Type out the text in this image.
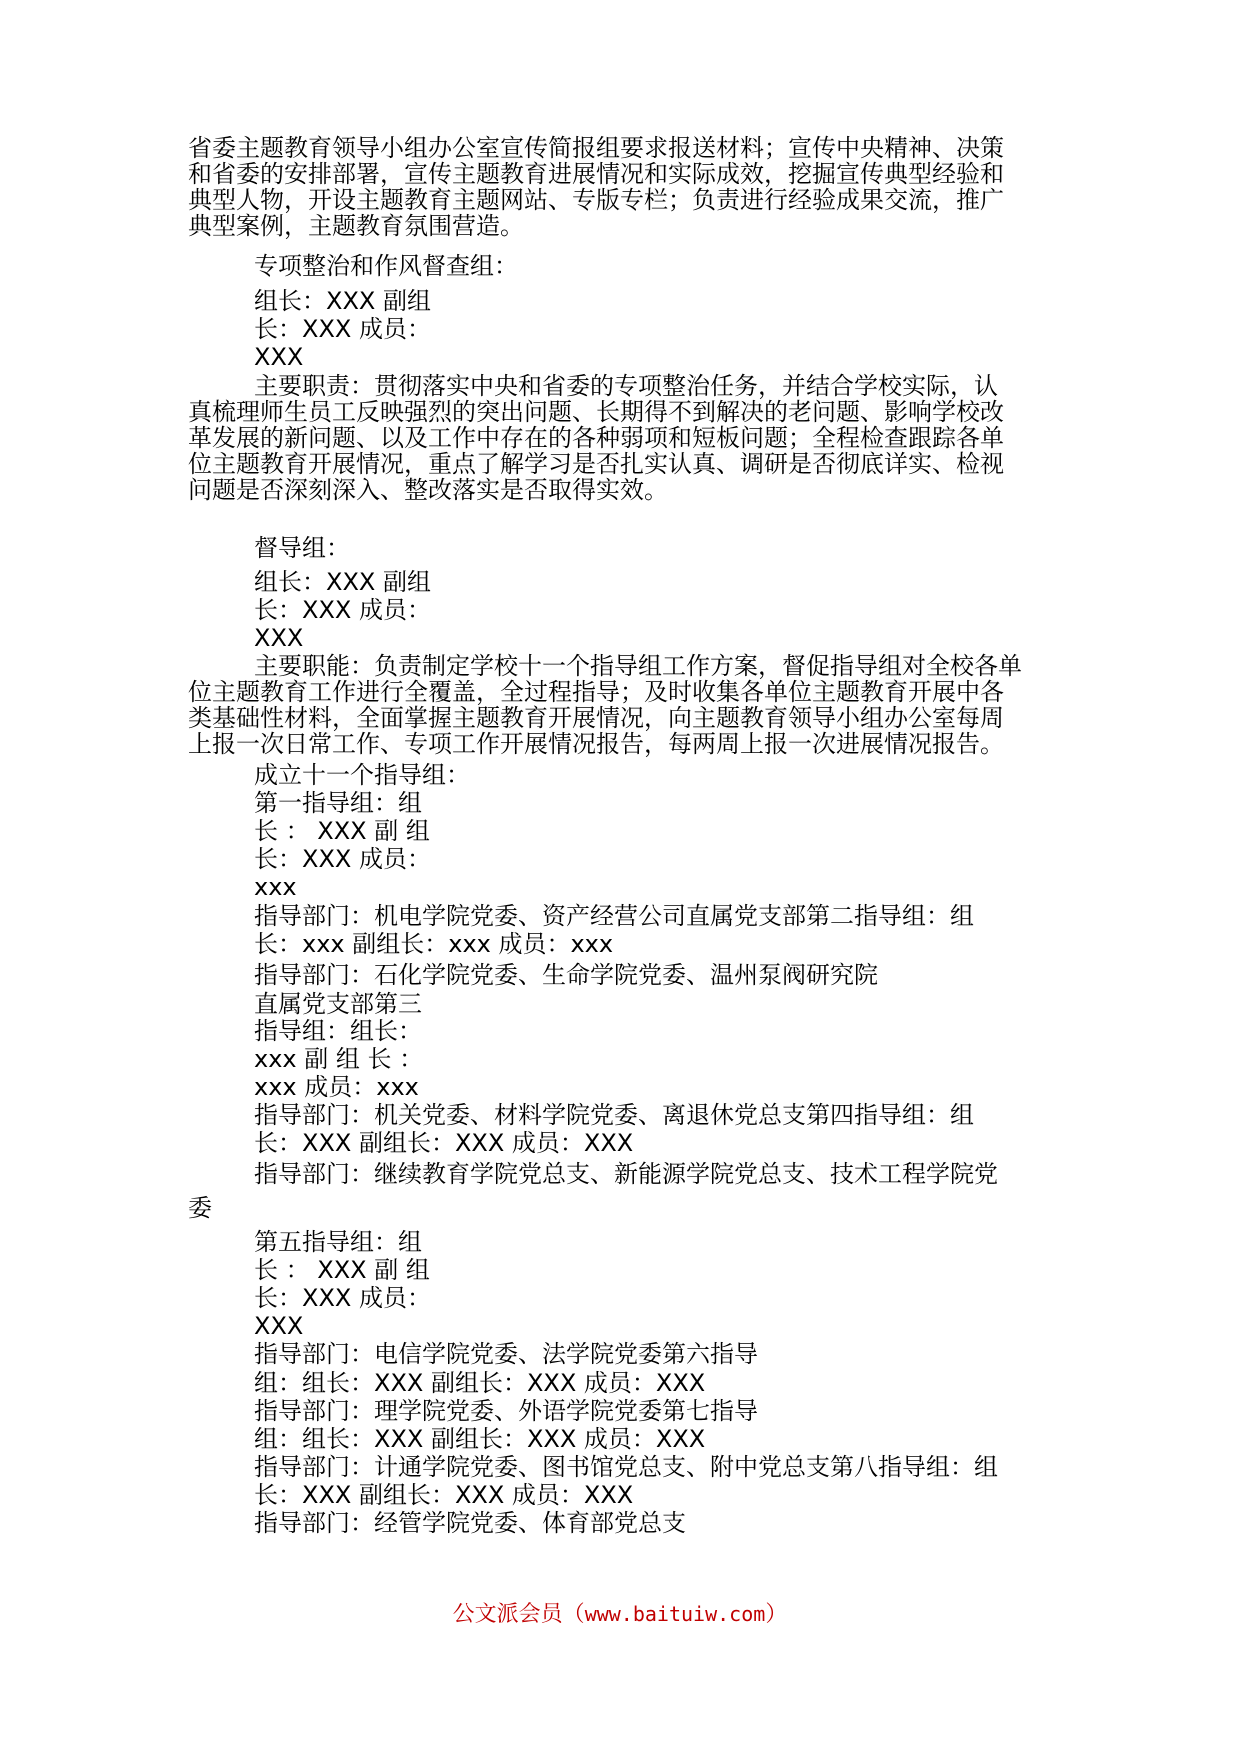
省委主题教育领导小组办公室宣传简报组要求报送材料；宣传中央精神、决策
和省委的安排部署，宣传主题教育进展情况和实际成效，挖掘宣传典型经验和
典型人物，开设主题教育主题网站、专版专栏；负责进行经验成果交流，推广
典型案例，主题教育氛围营造。
专项整治和作风督查组：
组长：XXX 副组
长：XXX 成员：
XXX
主要职责：贯彻落实中央和省委的专项整治任务，并结合学校实际，认
真梳理师生员工反映强烈的突出问题、长期得不到解决的老问题、影响学校改
革发展的新问题、以及工作中存在的各种弱项和短板问题；全程检查跟踪各单
位主题教育开展情况，重点了解学习是否扎实认真、调研是否彻底详实、检视
问题是否深刻深入、整改落实是否取得实效。
督导组：
组长：XXX 副组
长：XXX 成员：
XXX
主要职能：负责制定学校十一个指导组工作方案，督促指导组对全校各单
位主题教育工作进行全覆盖，全过程指导；及时收集各单位主题教育开展中各
类基础性材料，全面掌握主题教育开展情况，向主题教育领导小组办公室每周
上报一次日常工作、专项工作开展情况报告，每两周上报一次进展情况报告。
成立十一个指导组：
第一指导组：组
长 ： XXX 副 组
长：XXX 成员：
xxx
指导部门：机电学院党委、资产经营公司直属党支部第二指导组：组
长：xxx 副组长：xxx 成员：xxx
指导部门：石化学院党委、生命学院党委、温州泵阀研究院
直属党支部第三
指导组：组长：
xxx 副 组 长 ：
xxx 成员：xxx
指导部门：机关党委、材料学院党委、离退休党总支第四指导组：组
长：XXX 副组长：XXX 成员：XXX
指导部门：继续教育学院党总支、新能源学院党总支、技术工程学院党
委
第五指导组：组
长 ： XXX 副 组
长：XXX 成员：
XXX
指导部门：电信学院党委、法学院党委第六指导
组：组长：XXX 副组长：XXX 成员：XXX
指导部门：理学院党委、外语学院党委第七指导
组：组长：XXX 副组长：XXX 成员：XXX
指导部门：计通学院党委、图书馆党总支、附中党总支第八指导组：组
长：XXX 副组长：XXX 成员：XXX
指导部门：经管学院党委、体育部党总支
公文派会员（www.baituiw.com）
